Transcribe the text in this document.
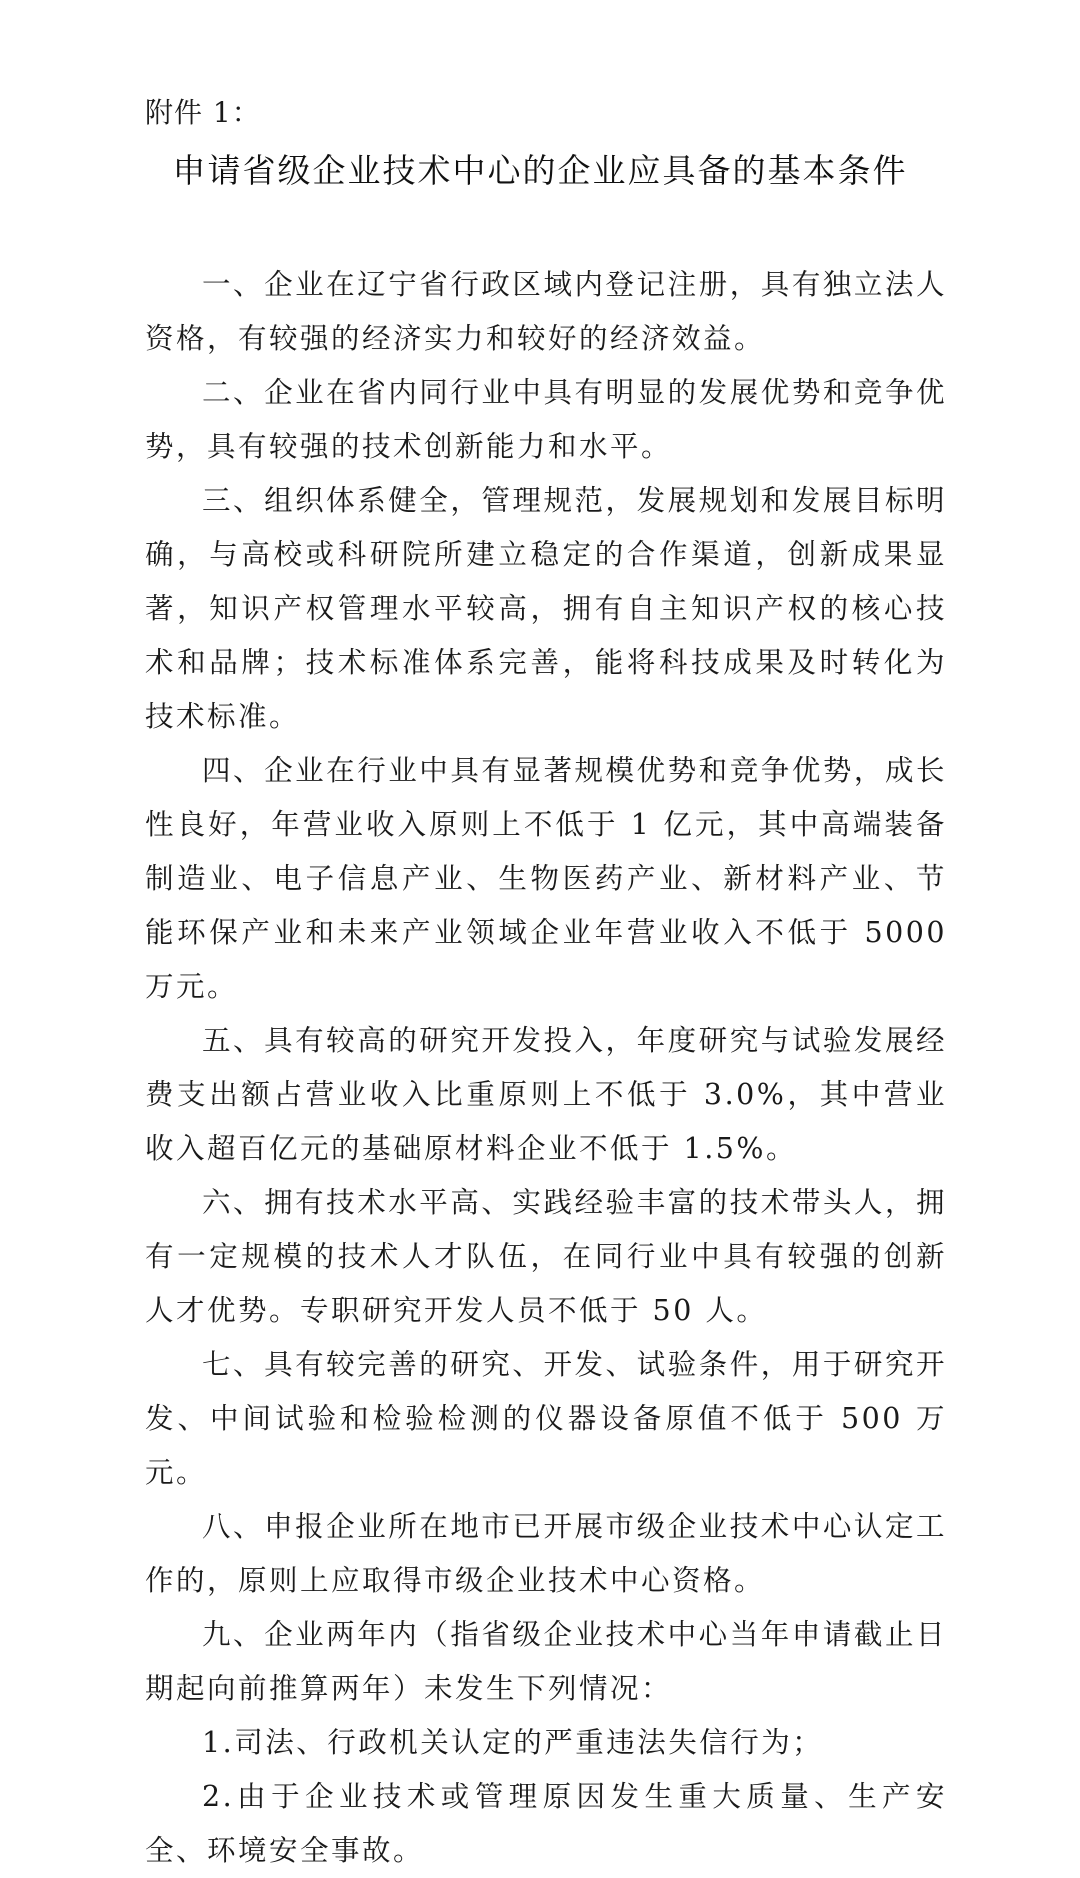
附件 1：
申请省级企业技术中心的企业应具备的基本条件

一、企业在辽宁省行政区域内登记注册，具有独立法人资格，有较强的经济实力和较好的经济效益。

二、企业在省内同行业中具有明显的发展优势和竞争优势，具有较强的技术创新能力和水平。

三、组织体系健全，管理规范，发展规划和发展目标明确，与高校或科研院所建立稳定的合作渠道，创新成果显著，知识产权管理水平较高，拥有自主知识产权的核心技术和品牌；技术标准体系完善，能将科技成果及时转化为技术标准。

四、企业在行业中具有显著规模优势和竞争优势，成长性良好，年营业收入原则上不低于 1 亿元，其中高端装备制造业、电子信息产业、生物医药产业、新材料产业、节能环保产业和未来产业领域企业年营业收入不低于 5000 万元。

五、具有较高的研究开发投入，年度研究与试验发展经费支出额占营业收入比重原则上不低于 3.0%，其中营业收入超百亿元的基础原材料企业不低于 1.5%。

六、拥有技术水平高、实践经验丰富的技术带头人，拥有一定规模的技术人才队伍，在同行业中具有较强的创新人才优势。专职研究开发人员不低于 50 人。

七、具有较完善的研究、开发、试验条件，用于研究开发、中间试验和检验检测的仪器设备原值不低于 500 万元。

八、申报企业所在地市已开展市级企业技术中心认定工作的，原则上应取得市级企业技术中心资格。

九、企业两年内（指省级企业技术中心当年申请截止日期起向前推算两年）未发生下列情况：

1.司法、行政机关认定的严重违法失信行为；

2.由于企业技术或管理原因发生重大质量、生产安全、环境安全事故。
